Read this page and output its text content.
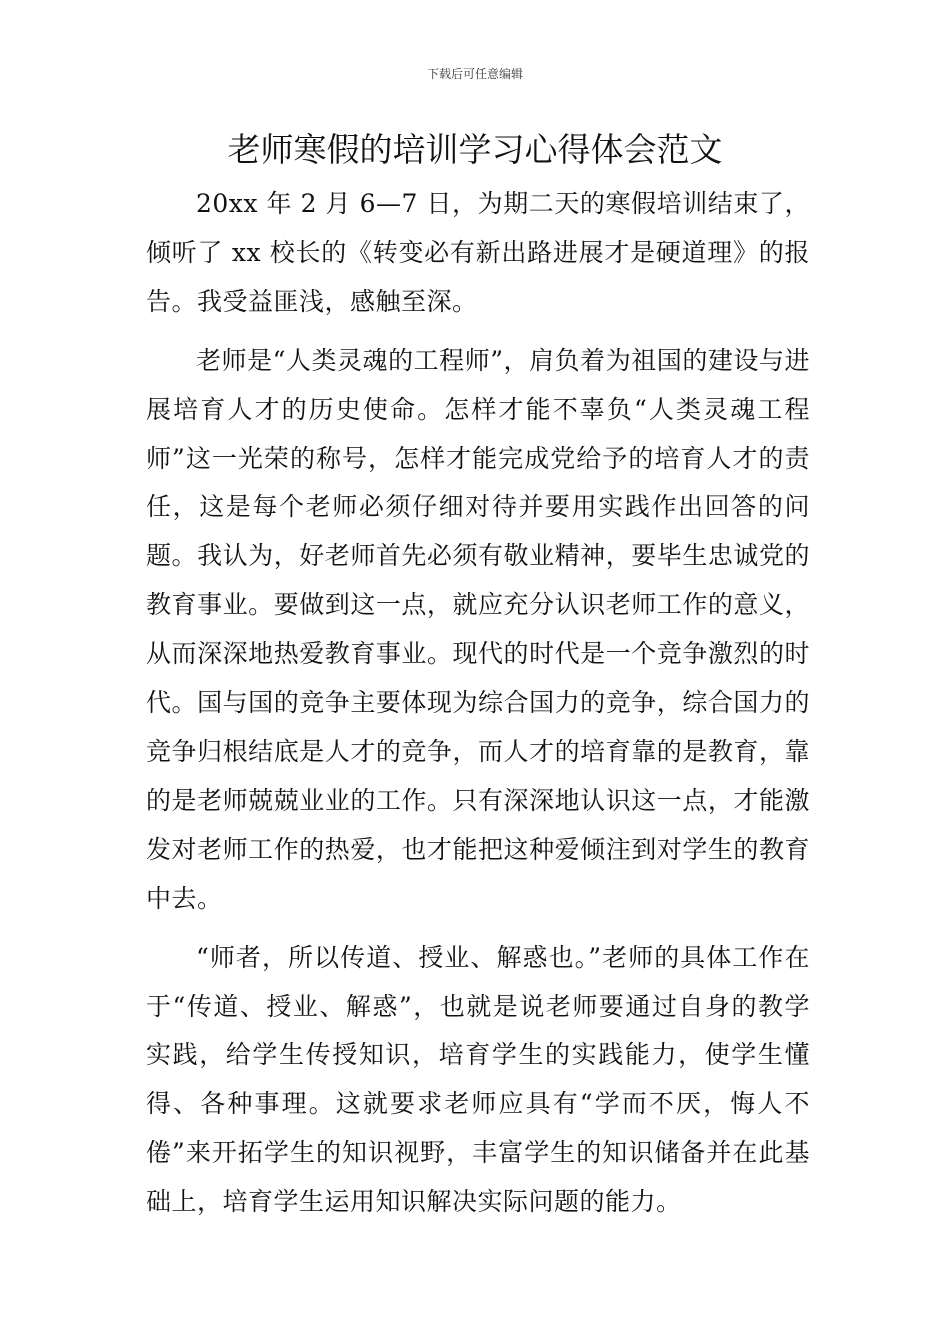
下载后可任意编辑
老师寒假的培训学习心得体会范文

20xx 年 2 月 6—7 日，为期二天的寒假培训结束了，倾听了 xx 校长的《转变必有新出路进展才是硬道理》的报告。我受益匪浅，感触至深。

老师是“人类灵魂的工程师”，肩负着为祖国的建设与进展培育人才的历史使命。怎样才能不辜负“人类灵魂工程师”这一光荣的称号，怎样才能完成党给予的培育人才的责任，这是每个老师必须仔细对待并要用实践作出回答的问题。我认为，好老师首先必须有敬业精神，要毕生忠诚党的教育事业。要做到这一点，就应充分认识老师工作的意义，从而深深地热爱教育事业。现代的时代是一个竞争激烈的时代。国与国的竞争主要体现为综合国力的竞争，综合国力的竞争归根结底是人才的竞争，而人才的培育靠的是教育，靠的是老师兢兢业业的工作。只有深深地认识这一点，才能激发对老师工作的热爱，也才能把这种爱倾注到对学生的教育中去。

“师者，所以传道、授业、解惑也。”老师的具体工作在于“传道、授业、解惑”，也就是说老师要通过自身的教学实践，给学生传授知识，培育学生的实践能力，使学生懂得、各种事理。这就要求老师应具有“学而不厌，悔人不倦”来开拓学生的知识视野，丰富学生的知识储备并在此基础上，培育学生运用知识解决实际问题的能力。
